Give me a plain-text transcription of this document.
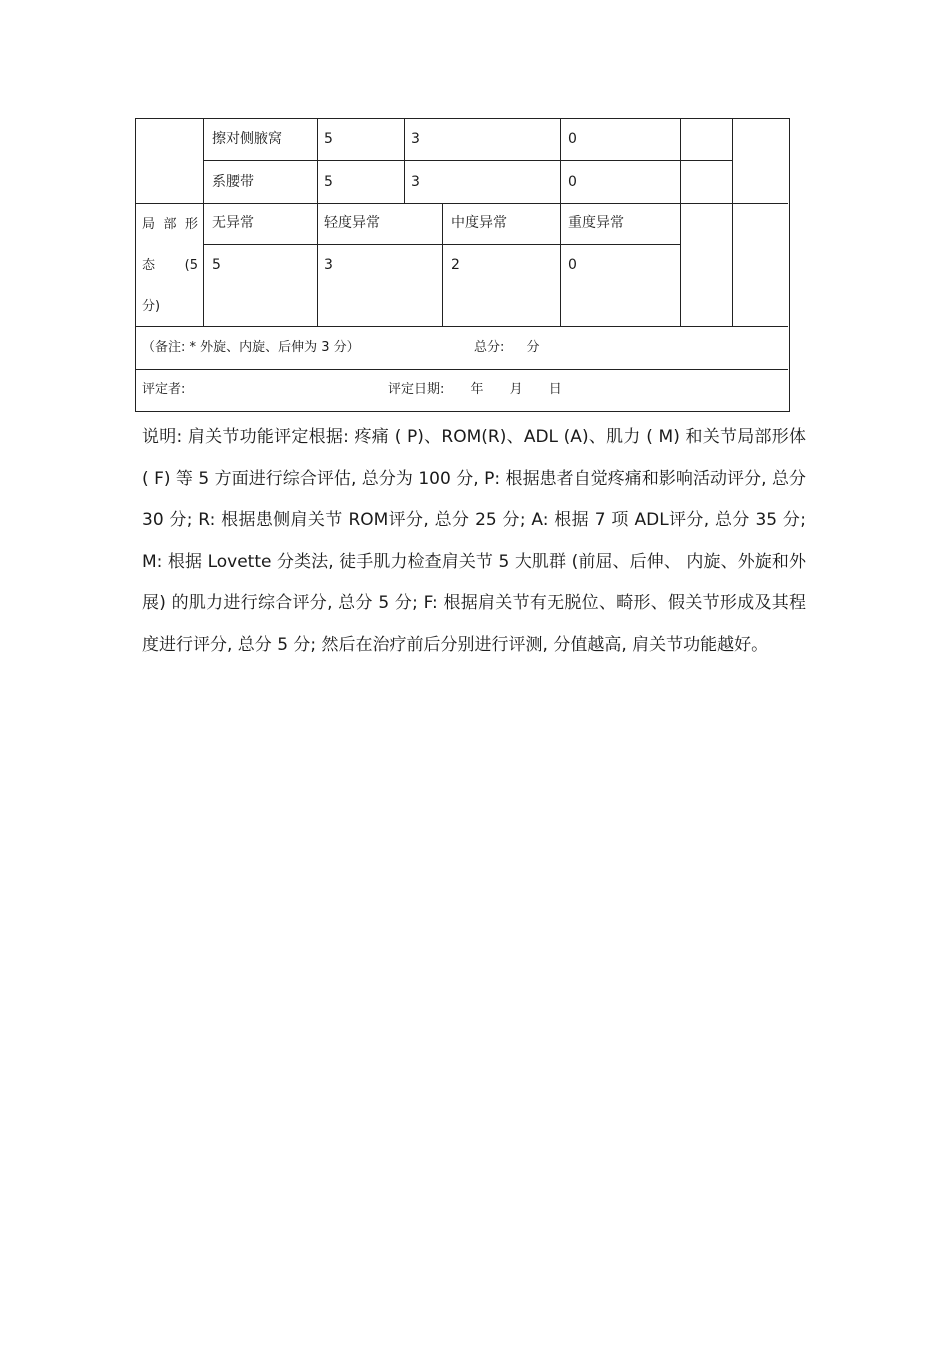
擦对侧腋窝	5	3	0
系腰带	5	3	0
局 部 形
态 (5
分)
无异常	轻度异常	中度异常	重度异常
5	3	2	0
（备注: * 外旋、内旋、后伸为 3 分）	总分: 分
评定者:	评定日期: 年 月 日
说明: 肩关节功能评定根据: 疼痛 ( P)、ROM(R)、ADL (A)、肌力 ( M) 和关节局部形体 ( F) 等 5 方面进行综合评估, 总分为 100 分, P: 根据患者自觉疼痛和影响活动评分, 总分 30 分; R: 根据患侧肩关节 ROM评分, 总分 25 分; A: 根据 7 项 ADL评分, 总分 35 分; M: 根据 Lovette 分类法, 徒手肌力检查肩关节 5 大肌群 (前屈、后伸、 内旋、外旋和外展) 的肌力进行综合评分, 总分 5 分; F: 根据肩关节有无脱位、畸形、假关节形成及其程度进行评分, 总分 5 分; 然后在治疗前后分别进行评测, 分值越高, 肩关节功能越好。
